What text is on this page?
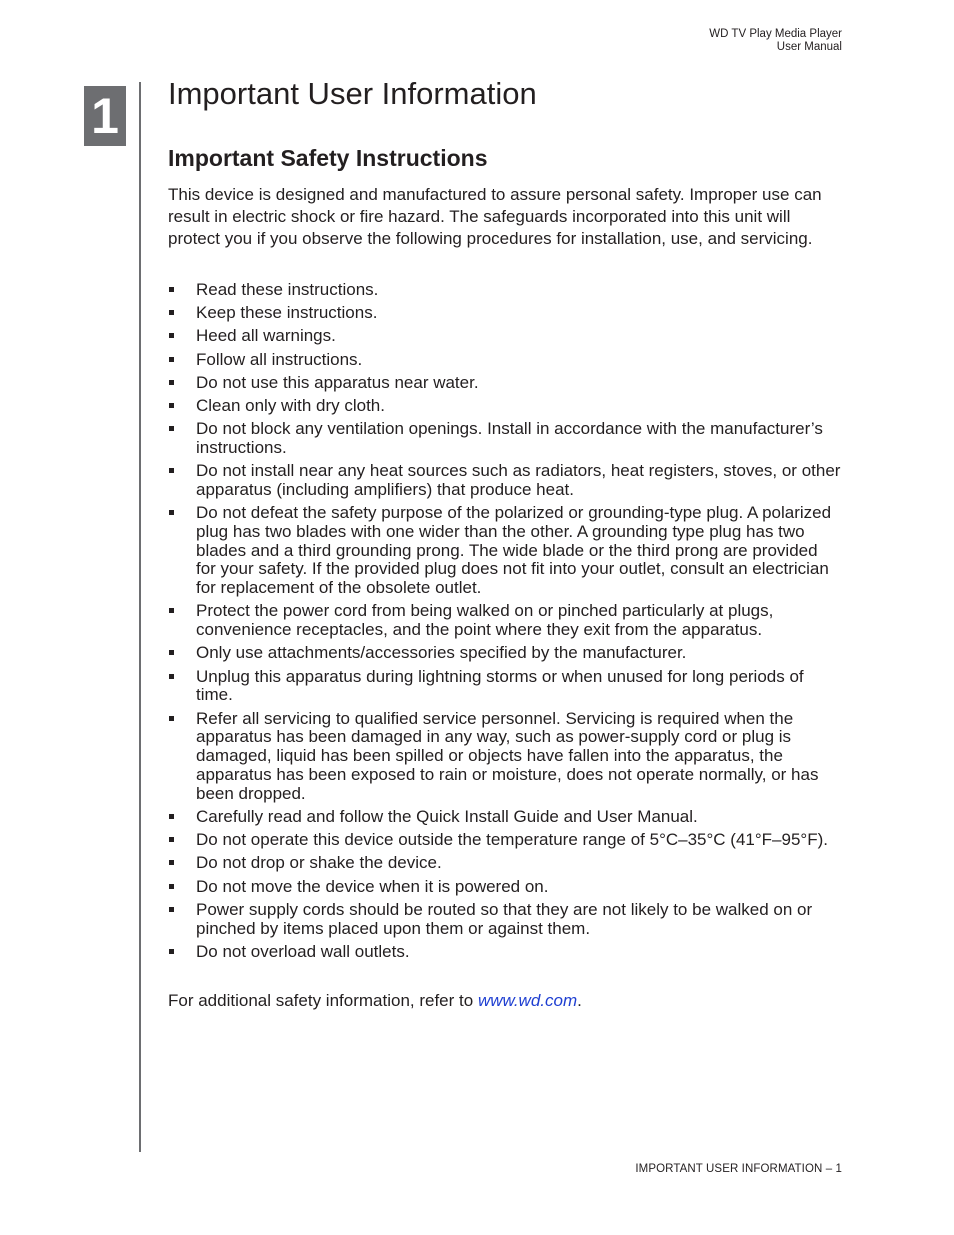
WD TV Play Media Player
User Manual
1 Important User Information
Important Safety Instructions

This device is designed and manufactured to assure personal safety. Improper use can result in electric shock or fire hazard. The safeguards incorporated into this unit will protect you if you observe the following procedures for installation, use, and servicing.

Read these instructions.
Keep these instructions.
Heed all warnings.
Follow all instructions.
Do not use this apparatus near water.
Clean only with dry cloth.
Do not block any ventilation openings. Install in accordance with the manufacturer’s instructions.
Do not install near any heat sources such as radiators, heat registers, stoves, or other apparatus (including amplifiers) that produce heat.
Do not defeat the safety purpose of the polarized or grounding-type plug. A polarized plug has two blades with one wider than the other. A grounding type plug has two blades and a third grounding prong. The wide blade or the third prong are provided for your safety. If the provided plug does not fit into your outlet, consult an electrician for replacement of the obsolete outlet.
Protect the power cord from being walked on or pinched particularly at plugs, convenience receptacles, and the point where they exit from the apparatus.
Only use attachments/accessories specified by the manufacturer.
Unplug this apparatus during lightning storms or when unused for long periods of time.
Refer all servicing to qualified service personnel. Servicing is required when the apparatus has been damaged in any way, such as power-supply cord or plug is damaged, liquid has been spilled or objects have fallen into the apparatus, the apparatus has been exposed to rain or moisture, does not operate normally, or has been dropped.
Carefully read and follow the Quick Install Guide and User Manual.
Do not operate this device outside the temperature range of 5°C–35°C (41°F–95°F).
Do not drop or shake the device.
Do not move the device when it is powered on.
Power supply cords should be routed so that they are not likely to be walked on or pinched by items placed upon them or against them.
Do not overload wall outlets.

For additional safety information, refer to www.wd.com.

IMPORTANT USER INFORMATION – 1
